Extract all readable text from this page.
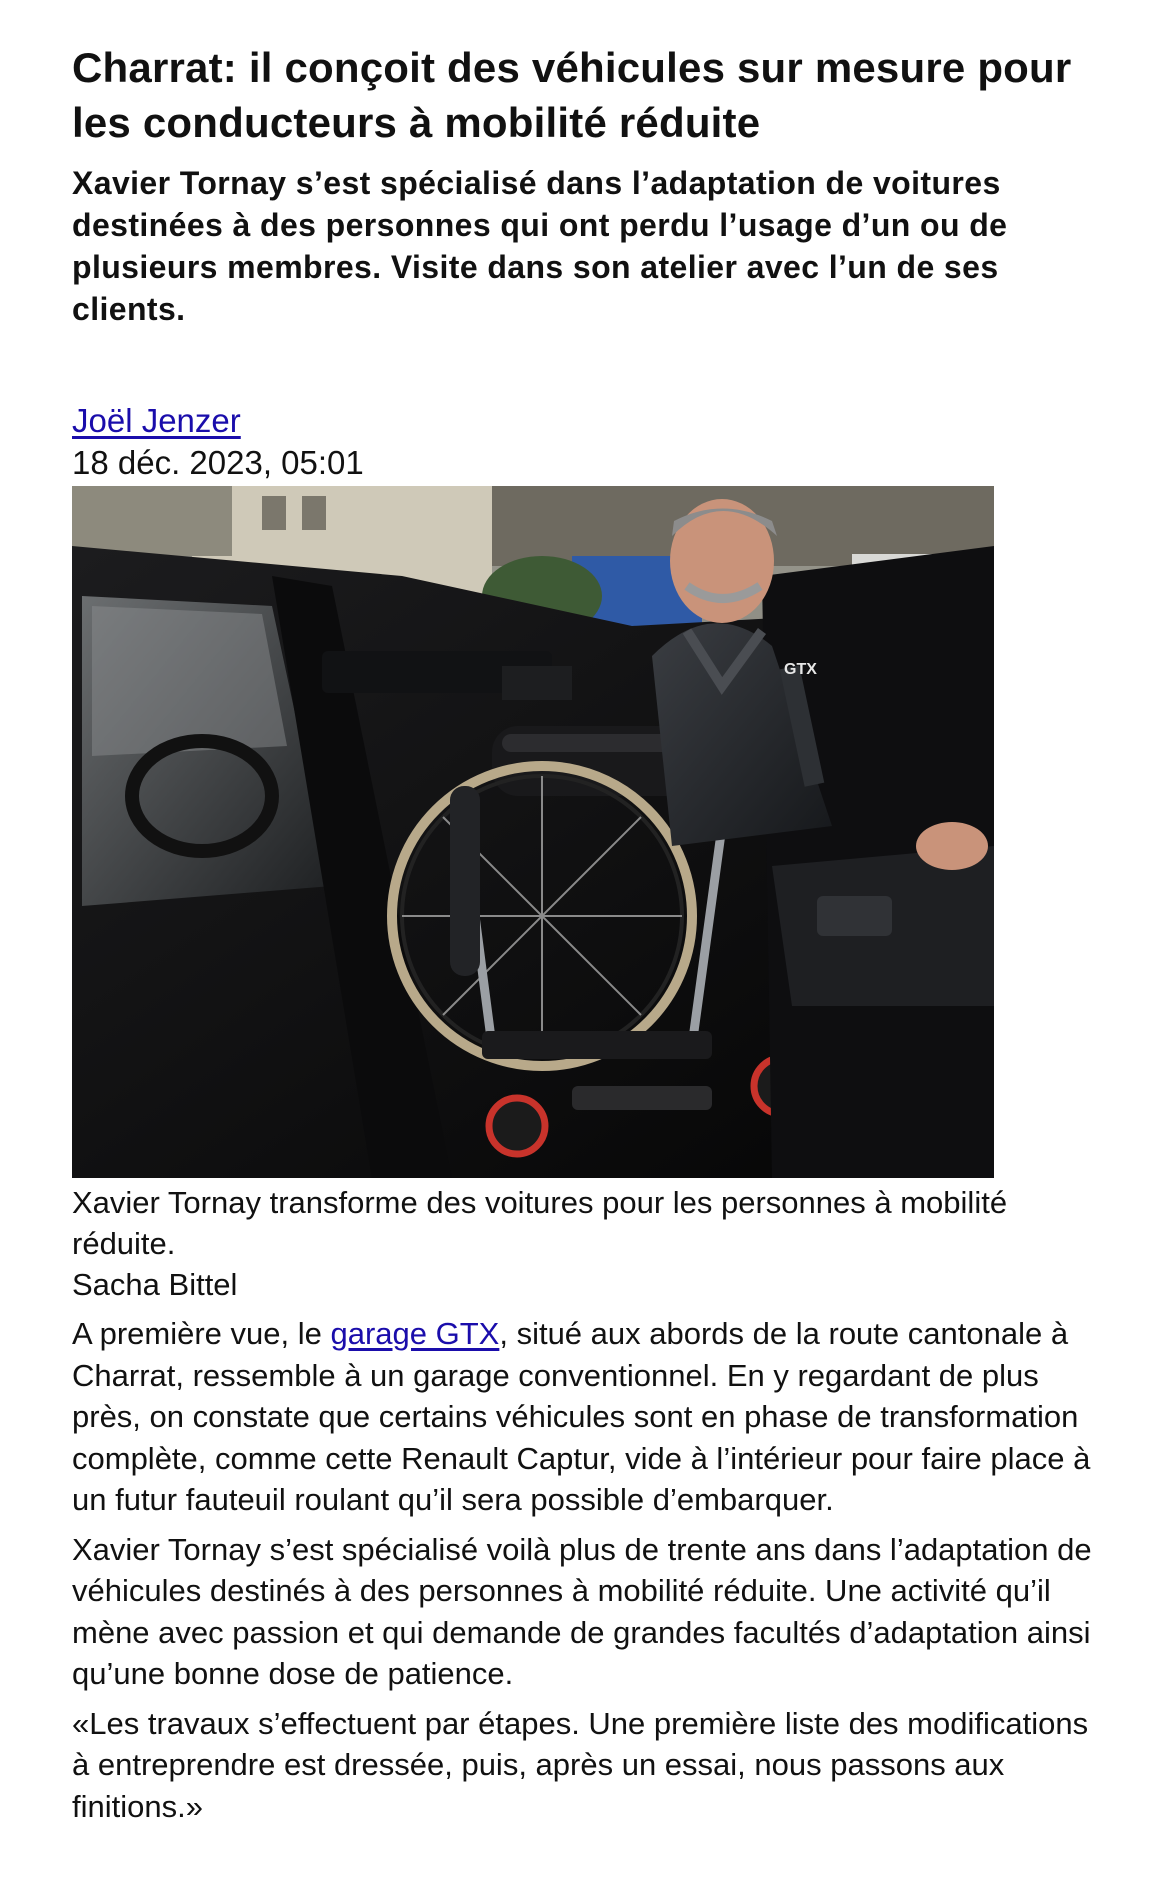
Charrat: il conçoit des véhicules sur mesure pour les conducteurs à mobilité réduite

Xavier Tornay s’est spécialisé dans l’adaptation de voitures destinées à des personnes qui ont perdu l’usage d’un ou de plusieurs membres. Visite dans son atelier avec l’un de ses clients.

Joël Jenzer
18 déc. 2023, 05:01
GTX
Xavier Tornay transforme des voitures pour les personnes à mobilité réduite.
Sacha Bittel

A première vue, le garage GTX, situé aux abords de la route cantonale à Charrat, ressemble à un garage conventionnel. En y regardant de plus près, on constate que certains véhicules sont en phase de transformation complète, comme cette Renault Captur, vide à l’intérieur pour faire place à un futur fauteuil roulant qu’il sera possible d’embarquer.

Xavier Tornay s’est spécialisé voilà plus de trente ans dans l’adaptation de véhicules destinés à des personnes à mobilité réduite. Une activité qu’il mène avec passion et qui demande de grandes facultés d’adaptation ainsi qu’une bonne dose de patience.

«Les travaux s’effectuent par étapes. Une première liste des modifications à entreprendre est dressée, puis, après un essai, nous passons aux finitions.»
